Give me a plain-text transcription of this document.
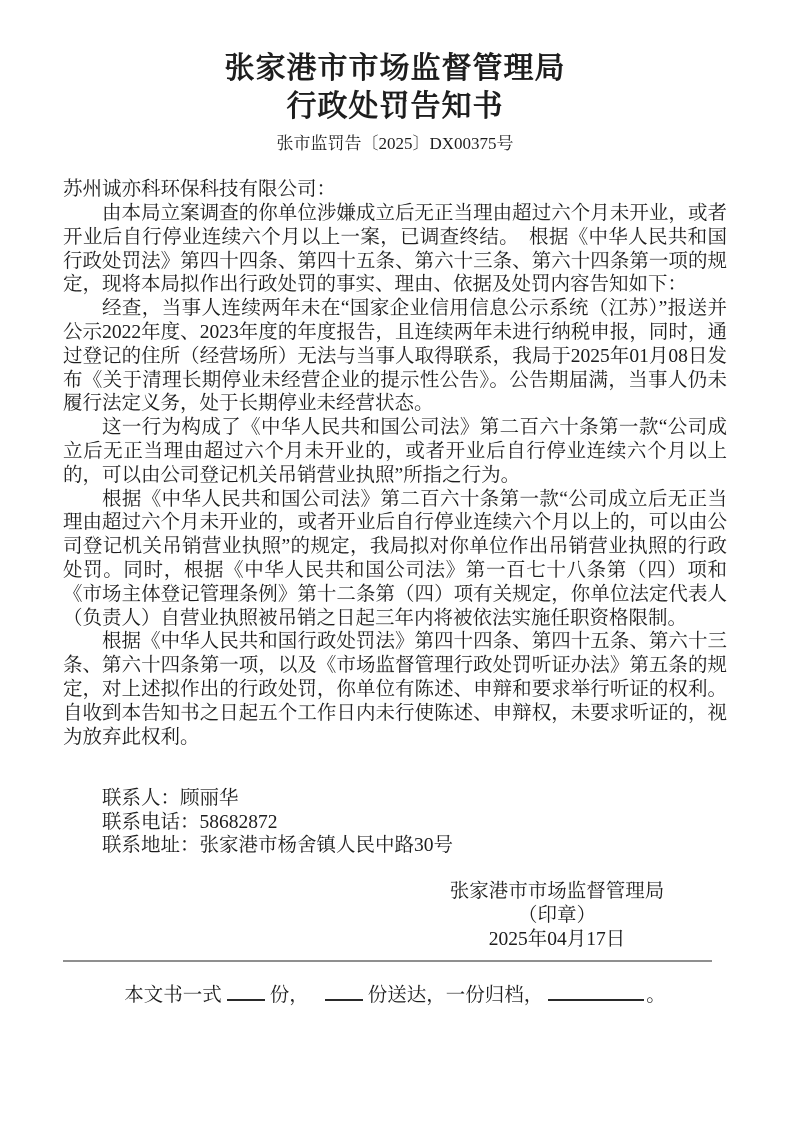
张家港市市场监督管理局
行政处罚告知书
张市监罚告〔2025〕DX00375号

苏州诚亦科环保科技有限公司：

由本局立案调查的你单位涉嫌成立后无正当理由超过六个月未开业，或者开业后自行停业连续六个月以上一案，已调查终结。　根据《中华人民共和国行政处罚法》第四十四条、第四十五条、第六十三条、第六十四条第一项的规定，现将本局拟作出行政处罚的事实、理由、依据及处罚内容告知如下：

经查，当事人连续两年未在“国家企业信用信息公示系统（江苏）”报送并公示2022年度、2023年度的年度报告，且连续两年未进行纳税申报，同时，通过登记的住所（经营场所）无法与当事人取得联系，我局于2025年01月08日发布《关于清理长期停业未经营企业的提示性公告》。公告期届满，当事人仍未履行法定义务，处于长期停业未经营状态。

这一行为构成了《中华人民共和国公司法》第二百六十条第一款“公司成立后无正当理由超过六个月未开业的，或者开业后自行停业连续六个月以上的，可以由公司登记机关吊销营业执照”所指之行为。

根据《中华人民共和国公司法》第二百六十条第一款“公司成立后无正当理由超过六个月未开业的，或者开业后自行停业连续六个月以上的，可以由公司登记机关吊销营业执照”的规定，我局拟对你单位作出吊销营业执照的行政处罚。同时，根据《中华人民共和国公司法》第一百七十八条第（四）项和《市场主体登记管理条例》第十二条第（四）项有关规定，你单位法定代表人（负责人）自营业执照被吊销之日起三年内将被依法实施任职资格限制。

根据《中华人民共和国行政处罚法》第四十四条、第四十五条、第六十三条、第六十四条第一项，以及《市场监督管理行政处罚听证办法》第五条的规定，对上述拟作出的行政处罚，你单位有陈述、申辩和要求举行听证的权利。自收到本告知书之日起五个工作日内未行使陈述、申辩权，未要求听证的，视为放弃此权利。

联系人：顾丽华

联系电话：58682872

联系地址：张家港市杨舍镇人民中路30号

张家港市市场监督管理局

（印章）

2025年04月17日

本文书一式 份，	份送达，一份归档，	。
